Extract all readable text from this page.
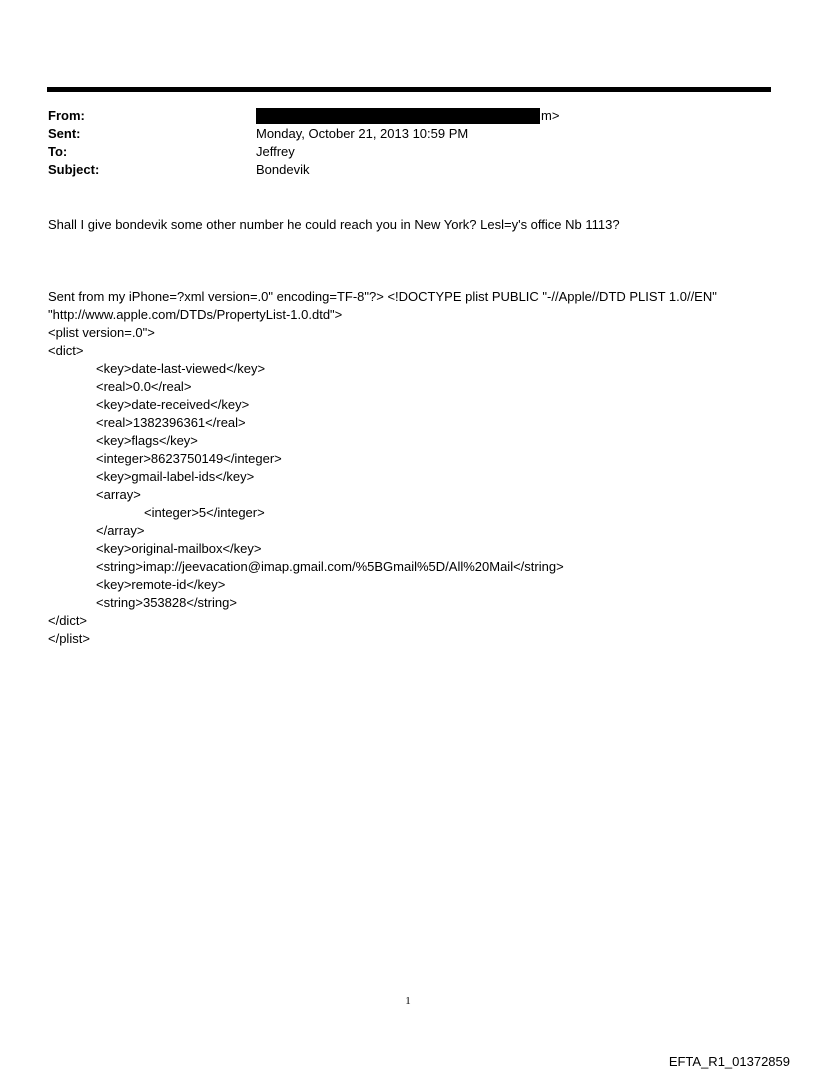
From:	m>
Sent:	Monday, October 21, 2013 10:59 PM
To:	Jeffrey
Subject:	Bondevik
Shall I give bondevik some other number he could reach you in New York? Lesl=y's office Nb 1113?
Sent from my iPhone=?xml version=.0" encoding=TF-8"?> <!DOCTYPE plist PUBLIC "-//Apple//DTD PLIST 1.0//EN"
"http://www.apple.com/DTDs/PropertyList-1.0.dtd">
<plist version=.0">
<dict>
<key>date-last-viewed</key>
<real>0.0</real>
<key>date-received</key>
<real>1382396361</real>
<key>flags</key>
<integer>8623750149</integer>
<key>gmail-label-ids</key>
<array>
<integer>5</integer>
</array>
<key>original-mailbox</key>
<string>imap://jeevacation@imap.gmail.com/%5BGmail%5D/All%20Mail</string>
<key>remote-id</key>
<string>353828</string>
</dict>
</plist>
1
EFTA_R1_01372859
